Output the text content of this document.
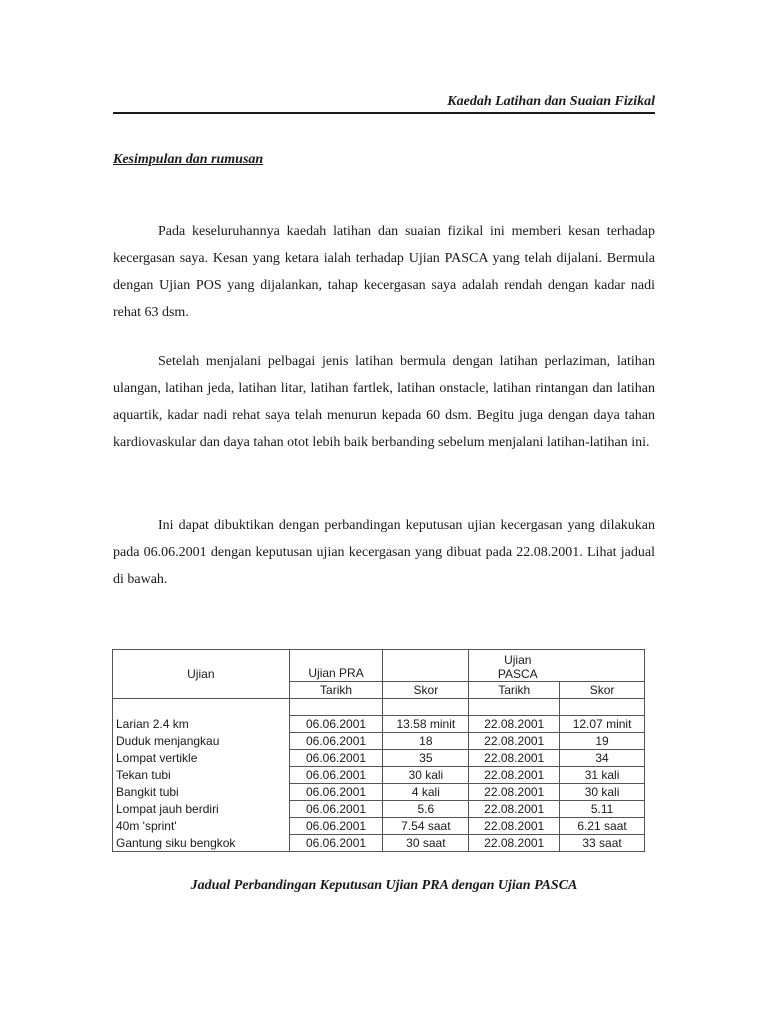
Kaedah Latihan dan Suaian Fizikal
Kesimpulan dan rumusan

Pada keseluruhannya kaedah latihan dan suaian fizikal ini memberi kesan terhadap kecergasan saya. Kesan yang ketara ialah terhadap Ujian PASCA yang telah dijalani. Bermula dengan Ujian POS yang dijalankan, tahap kecergasan saya adalah rendah dengan kadar nadi rehat 63 dsm.

Setelah menjalani pelbagai jenis latihan bermula dengan latihan perlaziman, latihan ulangan, latihan jeda, latihan litar, latihan fartlek, latihan onstacle, latihan rintangan dan latihan aquartik, kadar nadi rehat saya telah menurun kepada 60 dsm. Begitu juga dengan daya tahan kardiovaskular dan daya tahan otot lebih baik berbanding sebelum menjalani latihan-latihan ini.

Ini dapat dibuktikan dengan perbandingan keputusan ujian kecergasan yang dilakukan pada 06.06.2001 dengan keputusan ujian kecergasan yang dibuat pada 22.08.2001. Lihat jadual di bawah.

Ujian	Ujian PRA		Ujian
PASCA	

	Tarikh	Skor	Tarikh	Skor

Larian 2.4 km	06.06.2001	13.58 minit	22.08.2001	12.07 minit
Duduk menjangkau	06.06.2001	18	22.08.2001	19
Lompat vertikle	06.06.2001	35	22.08.2001	34
Tekan tubi	06.06.2001	30 kali	22.08.2001	31 kali
Bangkit tubi	06.06.2001	4 kali	22.08.2001	30 kali
Lompat jauh berdiri	06.06.2001	5.6	22.08.2001	5.11
40m 'sprint'	06.06.2001	7.54 saat	22.08.2001	6.21 saat
Gantung siku bengkok	06.06.2001	30 saat	22.08.2001	33 saat
Jadual Perbandingan Keputusan Ujian PRA dengan Ujian PASCA
